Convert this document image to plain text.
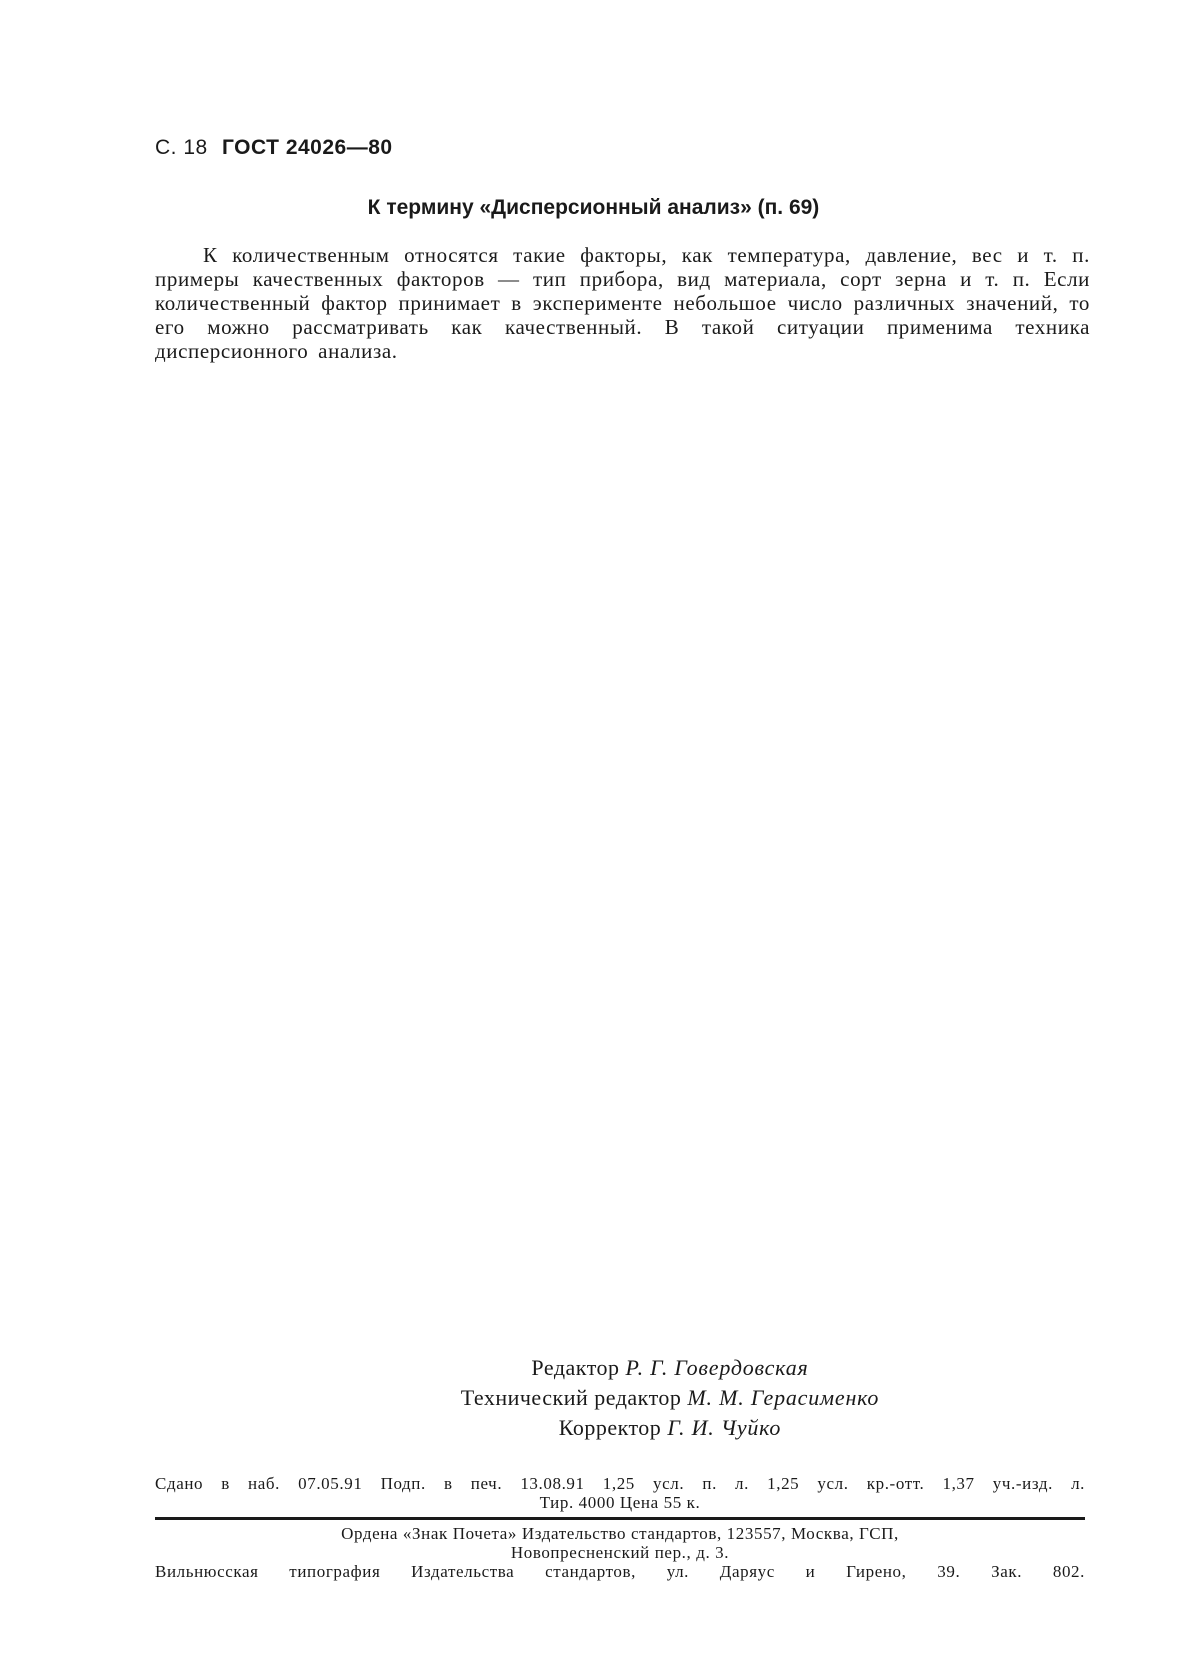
С. 18 ГОСТ 24026—80
К термину «Дисперсионный анализ» (п. 69)
К количественным относятся такие факторы, как температура, давление, вес и т. п. примеры качественных факторов — тип прибора, вид материала, сорт зерна и т. п. Если количественный фактор принимает в эксперименте небольшое число различных значений, то его можно рассматривать как качественный. В такой ситуации применима техника дисперсионного анализа.
Редактор Р. Г. Говердовская
Технический редактор М. М. Герасименко
Корректор Г. И. Чуйко
Сдано в наб. 07.05.91 Подп. в печ. 13.08.91 1,25 усл. п. л. 1,25 усл. кр.-отт. 1,37 уч.-изд. л.
Тир. 4000 Цена 55 к.
Ордена «Знак Почета» Издательство стандартов, 123557, Москва, ГСП,
Новопресненский пер., д. 3.
Вильнюсская типография Издательства стандартов, ул. Даряус и Гирено, 39. Зак. 802.
